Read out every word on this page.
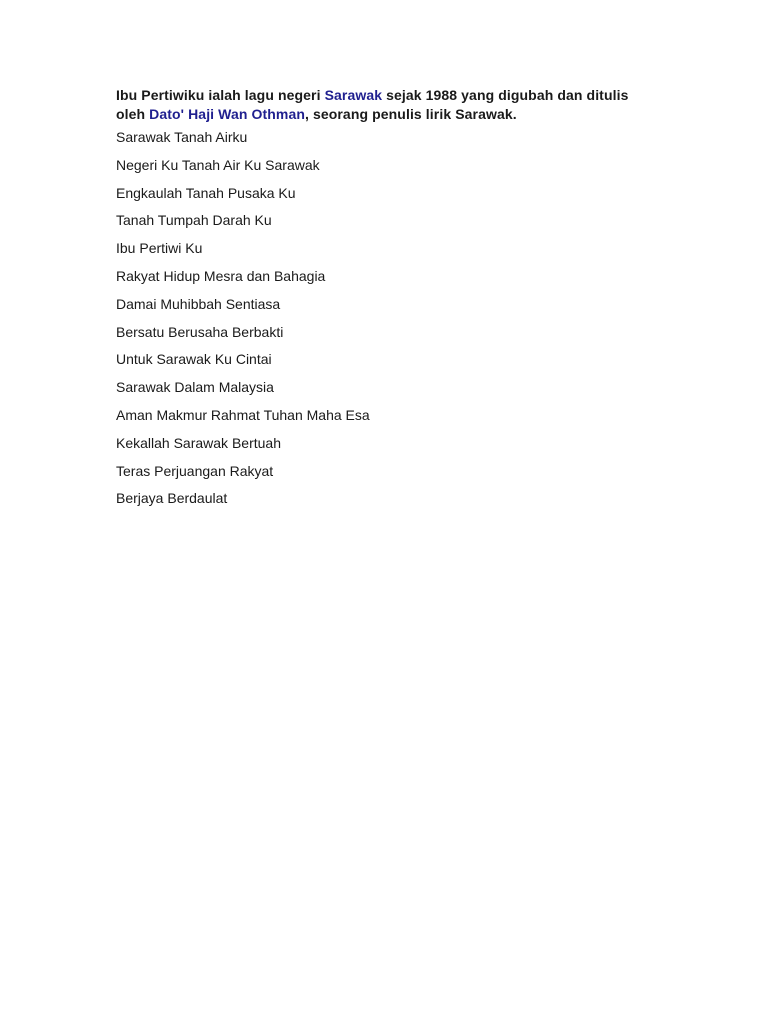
Ibu Pertiwiku ialah lagu negeri Sarawak sejak 1988 yang digubah dan ditulis oleh Dato' Haji Wan Othman, seorang penulis lirik Sarawak.

Sarawak Tanah Airku
Negeri Ku Tanah Air Ku Sarawak
Engkaulah Tanah Pusaka Ku
Tanah Tumpah Darah Ku
Ibu Pertiwi Ku
Rakyat Hidup Mesra dan Bahagia
Damai Muhibbah Sentiasa
Bersatu Berusaha Berbakti
Untuk Sarawak Ku Cintai
Sarawak Dalam Malaysia
Aman Makmur Rahmat Tuhan Maha Esa
Kekallah Sarawak Bertuah
Teras Perjuangan Rakyat
Berjaya Berdaulat
